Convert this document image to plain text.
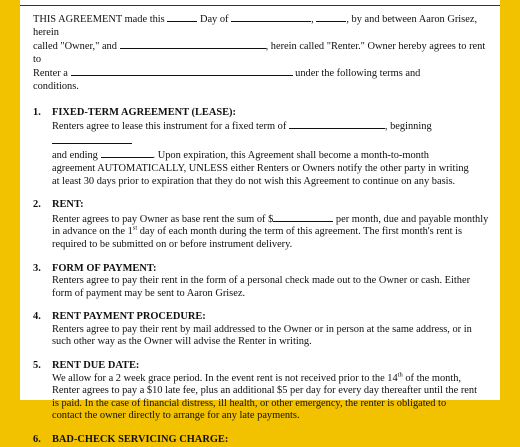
THIS AGREEMENT made this	Day of	,	, by and between Aaron Grisez, herein
called "Owner," and	, herein called "Renter." Owner hereby agrees to rent to
Renter a	under the following terms and
conditions.
1. FIXED-TERM AGREEMENT (LEASE):
Renters agree to lease this instrument for a fixed term of	, beginning
and ending	. Upon expiration, this Agreement shall become a month-to-month
agreement AUTOMATICALLY, UNLESS either Renters or Owners notify the other party in writing
at least 30 days prior to expiration that they do not wish this Agreement to continue on any basis.
2. RENT:
Renter agrees to pay Owner as base rent the sum of $	per month, due and payable monthly
in advance on the 1st day of each month during the term of this agreement. The first month's rent is
required to be submitted on or before instrument delivery.
3. FORM OF PAYMENT:
Renters agree to pay their rent in the form of a personal check made out to the Owner or cash. Either
form of payment may be sent to Aaron Grisez.
4. RENT PAYMENT PROCEDURE:
Renters agree to pay their rent by mail addressed to the Owner or in person at the same address, or in
such other way as the Owner will advise the Renter in writing.
5. RENT DUE DATE:
We allow for a 2 week grace period. In the event rent is not received prior to the 14th of the month,
Renter agrees to pay a $10 late fee, plus an additional $5 per day for every day thereafter until the rent
is paid. In the case of financial distress, ill health, or other emergency, the renter is obligated to
contact the owner directly to arrange for any late payments.
6. BAD-CHECK SERVICING CHARGE:
